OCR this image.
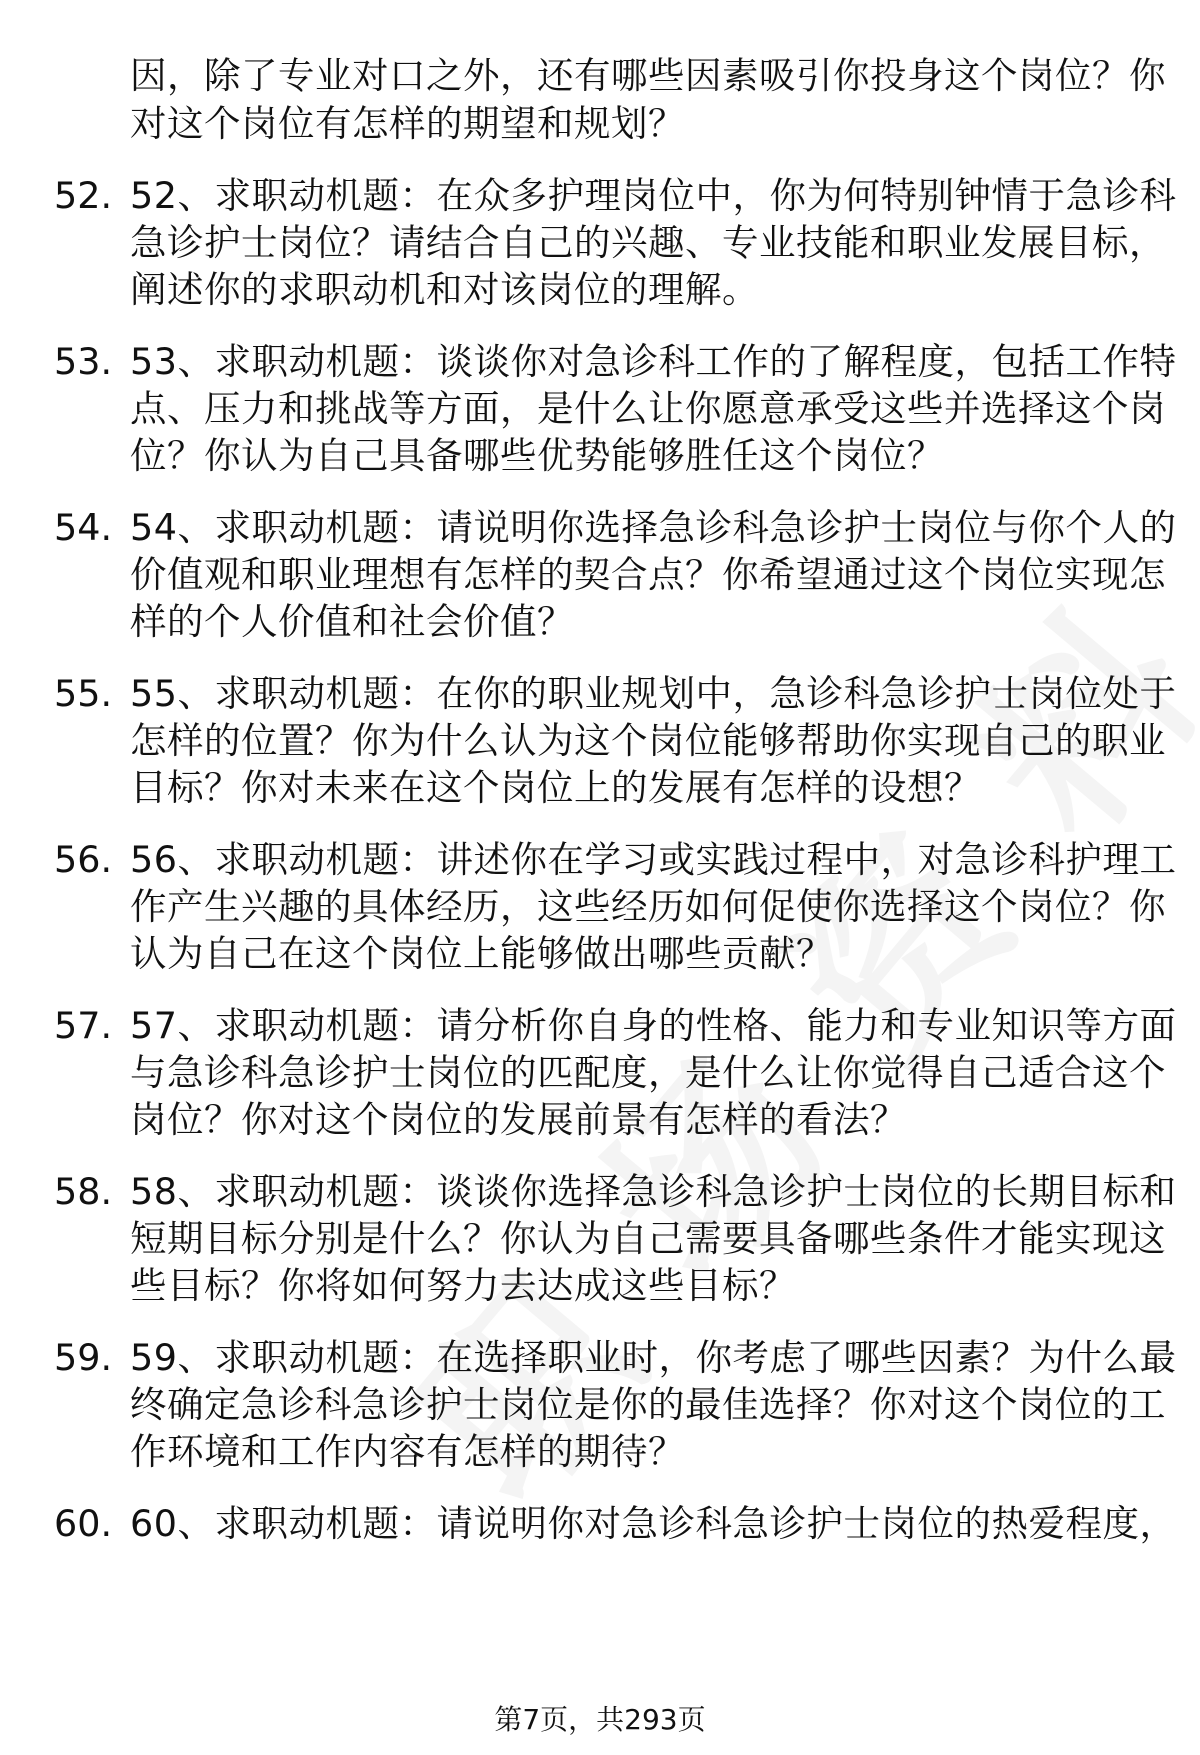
因，除了专业对口之外，还有哪些因素吸引你投身这个岗位？你
对这个岗位有怎样的期望和规划？
52. 52、求职动机题：在众多护理岗位中，你为何特别钟情于急诊科
急诊护士岗位？请结合自己的兴趣、专业技能和职业发展目标，
阐述你的求职动机和对该岗位的理解。
53. 53、求职动机题：谈谈你对急诊科工作的了解程度，包括工作特
点、压力和挑战等方面，是什么让你愿意承受这些并选择这个岗
位？你认为自己具备哪些优势能够胜任这个岗位？
54. 54、求职动机题：请说明你选择急诊科急诊护士岗位与你个人的
价值观和职业理想有怎样的契合点？你希望通过这个岗位实现怎
样的个人价值和社会价值？
55. 55、求职动机题：在你的职业规划中，急诊科急诊护士岗位处于
怎样的位置？你为什么认为这个岗位能够帮助你实现自己的职业
目标？你对未来在这个岗位上的发展有怎样的设想？
56. 56、求职动机题：讲述你在学习或实践过程中，对急诊科护理工
作产生兴趣的具体经历，这些经历如何促使你选择这个岗位？你
认为自己在这个岗位上能够做出哪些贡献？
57. 57、求职动机题：请分析你自身的性格、能力和专业知识等方面
与急诊科急诊护士岗位的匹配度，是什么让你觉得自己适合这个
岗位？你对这个岗位的发展前景有怎样的看法？
58. 58、求职动机题：谈谈你选择急诊科急诊护士岗位的长期目标和
短期目标分别是什么？你认为自己需要具备哪些条件才能实现这
些目标？你将如何努力去达成这些目标？
59. 59、求职动机题：在选择职业时，你考虑了哪些因素？为什么最
终确定急诊科急诊护士岗位是你的最佳选择？你对这个岗位的工
作环境和工作内容有怎样的期待？
60. 60、求职动机题：请说明你对急诊科急诊护士岗位的热爱程度，
第7页，共293页
